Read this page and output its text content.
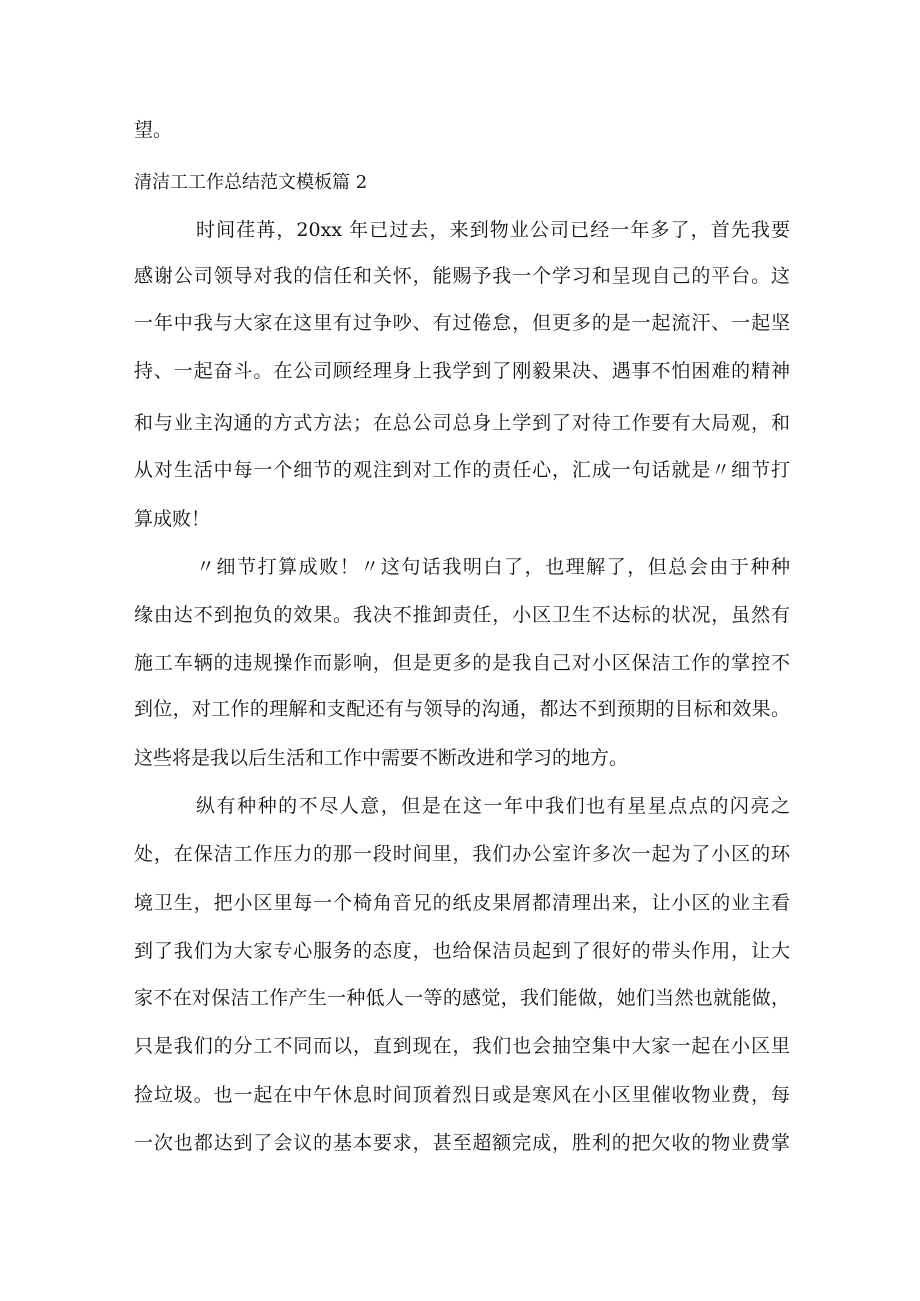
望。
清洁工工作总结范文模板篇 2
时间荏苒，20xx 年已过去，来到物业公司已经一年多了，首先我要
感谢公司领导对我的信任和关怀，能赐予我一个学习和呈现自己的平台。这
一年中我与大家在这里有过争吵、有过倦怠，但更多的是一起流汗、一起坚
持、一起奋斗。在公司顾经理身上我学到了刚毅果决、遇事不怕困难的精神
和与业主沟通的方式方法；在总公司总身上学到了对待工作要有大局观，和
从对生活中每一个细节的观注到对工作的责任心，汇成一句话就是〃细节打
算成败！
〃细节打算成败！〃这句话我明白了，也理解了，但总会由于种种
缘由达不到抱负的效果。我决不推卸责任，小区卫生不达标的状况，虽然有
施工车辆的违规操作而影响，但是更多的是我自己对小区保洁工作的掌控不
到位，对工作的理解和支配还有与领导的沟通，都达不到预期的目标和效果。
这些将是我以后生活和工作中需要不断改进和学习的地方。
纵有种种的不尽人意，但是在这一年中我们也有星星点点的闪亮之
处，在保洁工作压力的那一段时间里，我们办公室许多次一起为了小区的环
境卫生，把小区里每一个椅角音兄的纸皮果屑都清理出来，让小区的业主看
到了我们为大家专心服务的态度，也给保洁员起到了很好的带头作用，让大
家不在对保洁工作产生一种低人一等的感觉，我们能做，她们当然也就能做，
只是我们的分工不同而以，直到现在，我们也会抽空集中大家一起在小区里
捡垃圾。也一起在中午休息时间顶着烈日或是寒风在小区里催收物业费，每
一次也都达到了会议的基本要求，甚至超额完成，胜利的把欠收的物业费掌
